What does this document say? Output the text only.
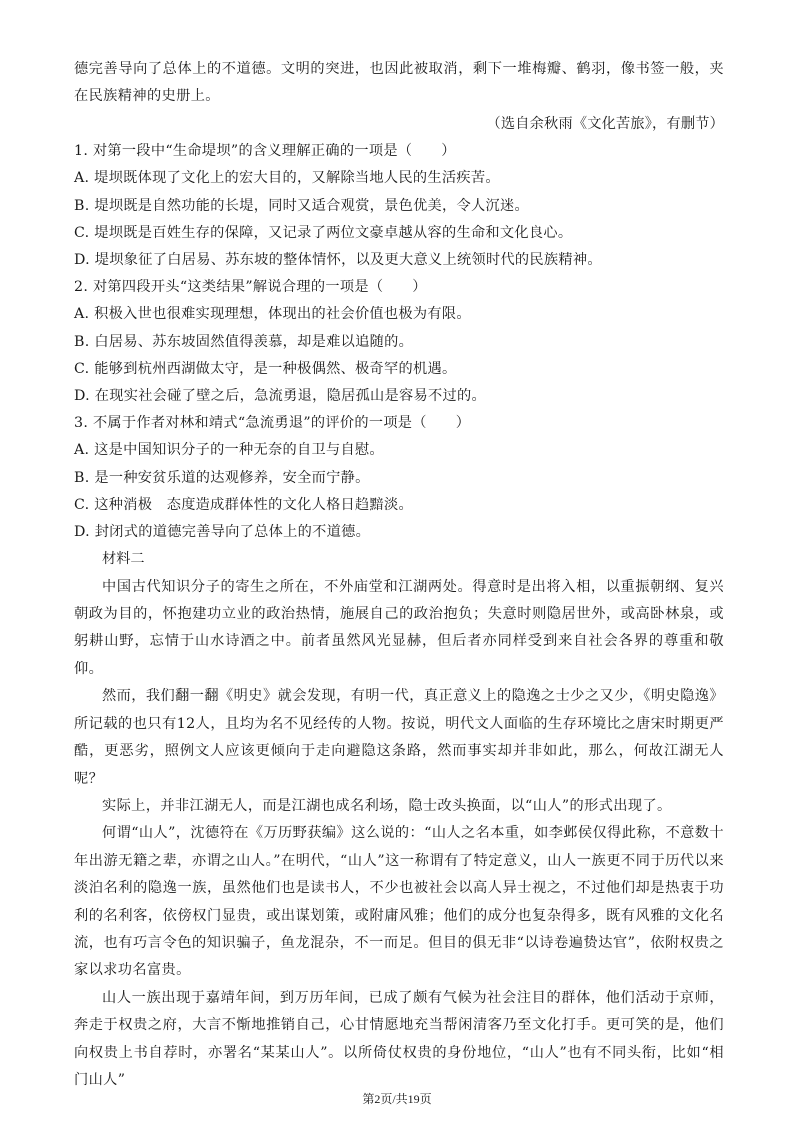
德完善导向了总体上的不道德。文明的突进，也因此被取消，剩下一堆梅瓣、鹤羽，像书签一般，夹在民族精神的史册上。

（选自余秋雨《文化苦旅》，有删节）

1. 对第一段中“生命堤坝”的含义理解正确的一项是（　　）

A. 堤坝既体现了文化上的宏大目的，又解除当地人民的生活疾苦。

B. 堤坝既是自然功能的长堤，同时又适合观赏，景色优美，令人沉迷。

C. 堤坝既是百姓生存的保障，又记录了两位文豪卓越从容的生命和文化良心。

D. 堤坝象征了白居易、苏东坡的整体情怀，以及更大意义上统领时代的民族精神。

2. 对第四段开头“这类结果”解说合理的一项是（　　）

A. 积极入世也很难实现理想，体现出的社会价值也极为有限。

B. 白居易、苏东坡固然值得羡慕，却是难以追随的。

C. 能够到杭州西湖做太守，是一种极偶然、极奇罕的机遇。

D. 在现实社会碰了壁之后，急流勇退，隐居孤山是容易不过的。

3. 不属于作者对林和靖式“急流勇退”的评价的一项是（　　）

A. 这是中国知识分子的一种无奈的自卫与自慰。

B. 是一种安贫乐道的达观修养，安全而宁静。

C. 这种消极　态度造成群体性的文化人格日趋黯淡。

D. 封闭式的道德完善导向了总体上的不道德。

材料二

中国古代知识分子的寄生之所在，不外庙堂和江湖两处。得意时是出将入相，以重振朝纲、复兴朝政为目的，怀抱建功立业的政治热情，施展自己的政治抱负；失意时则隐居世外，或高卧林泉，或躬耕山野，忘情于山水诗酒之中。前者虽然风光显赫，但后者亦同样受到来自社会各界的尊重和敬仰。

然而，我们翻一翻《明史》就会发现，有明一代，真正意义上的隐逸之士少之又少，《明史隐逸》所记载的也只有12人，且均为名不见经传的人物。按说，明代文人面临的生存环境比之唐宋时期更严酷，更恶劣，照例文人应该更倾向于走向避隐这条路，然而事实却并非如此，那么，何故江湖无人呢？

实际上，并非江湖无人，而是江湖也成名利场，隐士改头换面，以“山人”的形式出现了。

何谓“山人”，沈德符在《万历野获编》这么说的：“山人之名本重，如李邺侯仅得此称，不意数十年出游无籍之辈，亦谓之山人。”在明代，“山人”这一称谓有了特定意义，山人一族更不同于历代以来淡泊名利的隐逸一族，虽然他们也是读书人，不少也被社会以高人异士视之，不过他们却是热衷于功利的名利客，依傍权门显贵，或出谋划策，或附庸风雅；他们的成分也复杂得多，既有风雅的文化名流，也有巧言令色的知识骗子，鱼龙混杂，不一而足。但目的俱无非“以诗卷遍贽达官”，依附权贵之家以求功名富贵。

山人一族出现于嘉靖年间，到万历年间，已成了颇有气候为社会注目的群体，他们活动于京师，奔走于权贵之府，大言不惭地推销自己，心甘情愿地充当帮闲清客乃至文化打手。更可笑的是，他们向权贵上书自荐时，亦署名“某某山人”。以所倚仗权贵的身份地位，“山人”也有不同头衔，比如“相门山人”

第2页/共19页
